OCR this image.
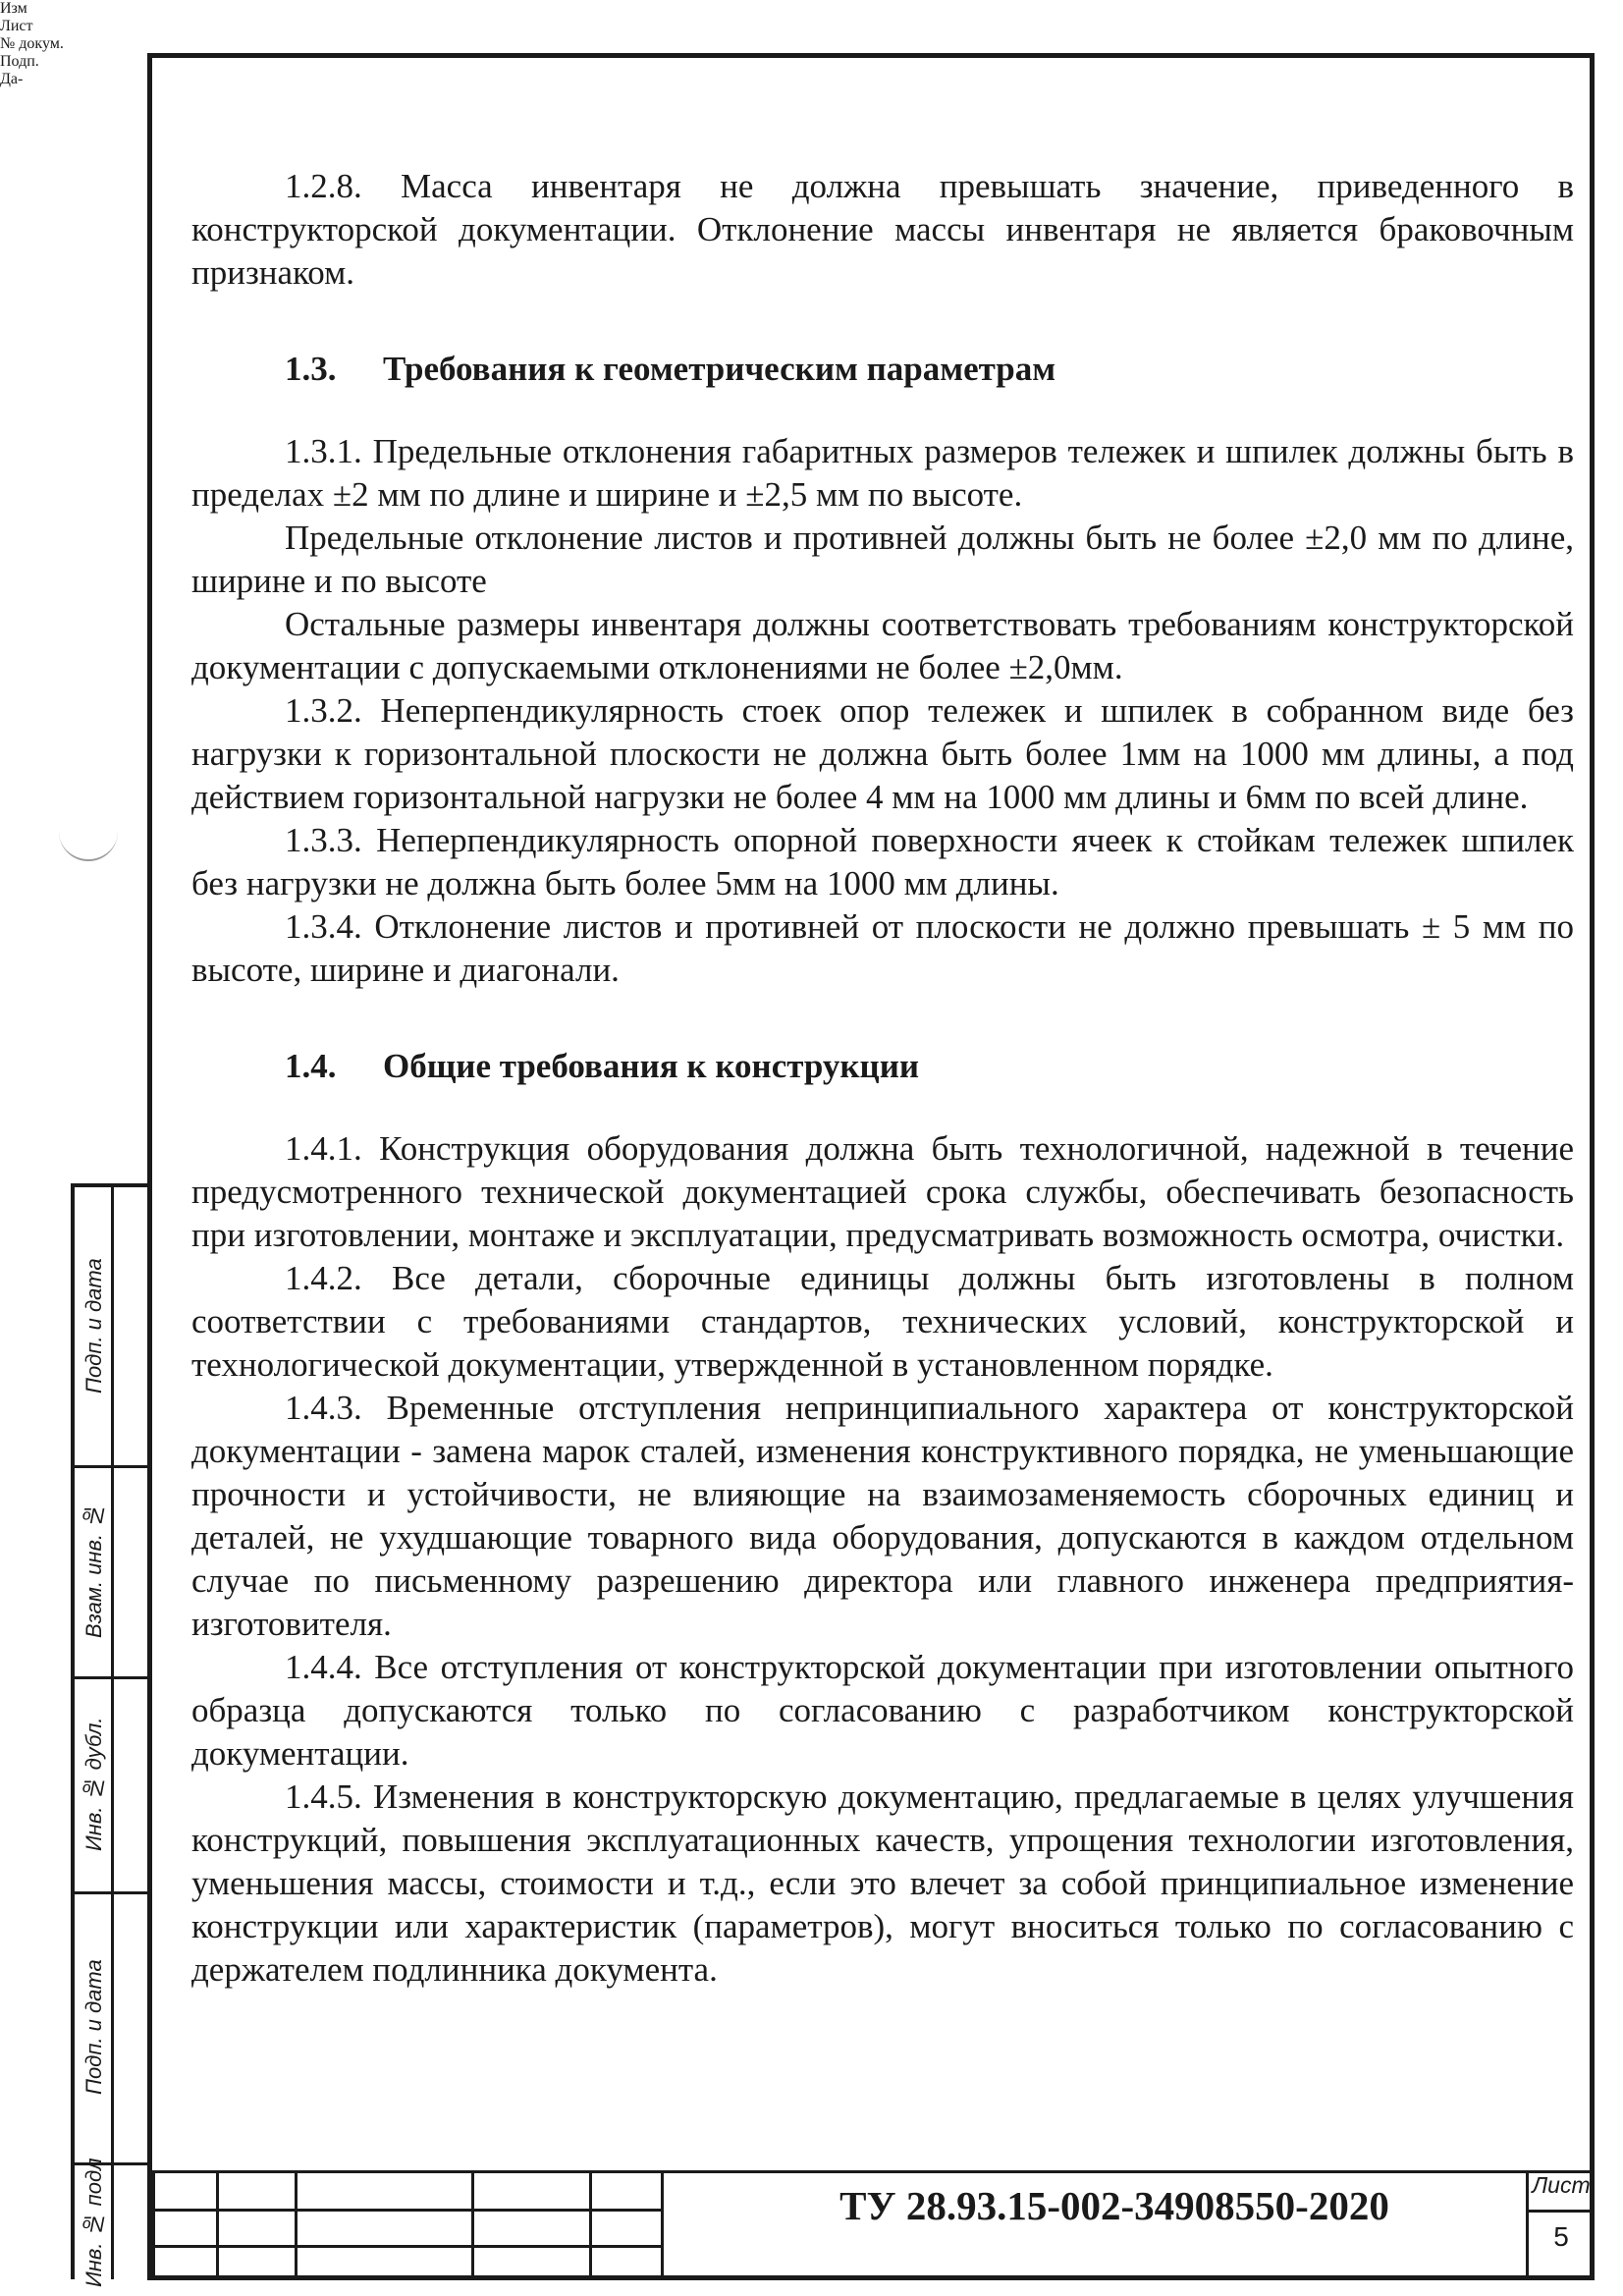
1.2.8. Масса инвентаря не должна превышать значение, приведенного в конструкторской документации. Отклонение массы инвентаря не является браковочным признаком.

1.3. Требования к геометрическим параметрам

1.3.1. Предельные отклонения габаритных размеров тележек и шпилек должны быть в пределах ±2 мм по длине и ширине и ±2,5 мм по высоте.

Предельные отклонение листов и противней должны быть не более ±2,0 мм по длине, ширине и по высоте

Остальные размеры инвентаря должны соответствовать требованиям конструкторской документации с допускаемыми отклонениями не более ±2,0мм.

1.3.2. Неперпендикулярность стоек опор тележек и шпилек в собранном виде без нагрузки к горизонтальной плоскости не должна быть более 1мм на 1000 мм длины, а под действием горизонтальной нагрузки не более 4 мм на 1000 мм длины и 6мм по всей длине.

1.3.3. Неперпендикулярность опорной поверхности ячеек к стойкам тележек шпилек без нагрузки не должна быть более 5мм на 1000 мм длины.

1.3.4. Отклонение листов и противней от плоскости не должно превышать ± 5 мм по высоте, ширине и диагонали.

1.4. Общие требования к конструкции

1.4.1. Конструкция оборудования должна быть технологичной, надежной в течение предусмотренного технической документацией срока службы, обеспечивать безопасность при изготовлении, монтаже и эксплуатации, предусматривать возможность осмотра, очистки.

1.4.2. Все детали, сборочные единицы должны быть изготовлены в полном соответствии с требованиями стандартов, технических условий, конструкторской и технологической документации, утвержденной в установленном порядке.

1.4.3. Временные отступления непринципиального характера от конструкторской документации - замена марок сталей, изменения конструктивного порядка, не уменьшающие прочности и устойчивости, не влияющие на взаимозаменяемость сборочных единиц и деталей, не ухудшающие товарного вида оборудования, допускаются в каждом отдельном случае по письменному разрешению директора или главного инженера предприятия-изготовителя.

1.4.4. Все отступления от конструкторской документации при изготовлении опытного образца допускаются только по согласованию с разработчиком конструкторской документации.

1.4.5. Изменения в конструкторскую документацию, предлагаемые в целях улучшения конструкций, повышения эксплуатационных качеств, упрощения технологии изготовления, уменьшения массы, стоимости и т.д., если это влечет за собой принципиальное изменение конструкции или характеристик (параметров), могут вноситься только по согласованию с держателем подлинника документа.

Подп. и дата
Взам. инв. №
Инв. № дубл.
Подп. и дата
Инв. № подл
Изм
Лист
№ докум.
Подп.
Да-
ТУ 28.93.15-002-34908550-2020	Лист
5
